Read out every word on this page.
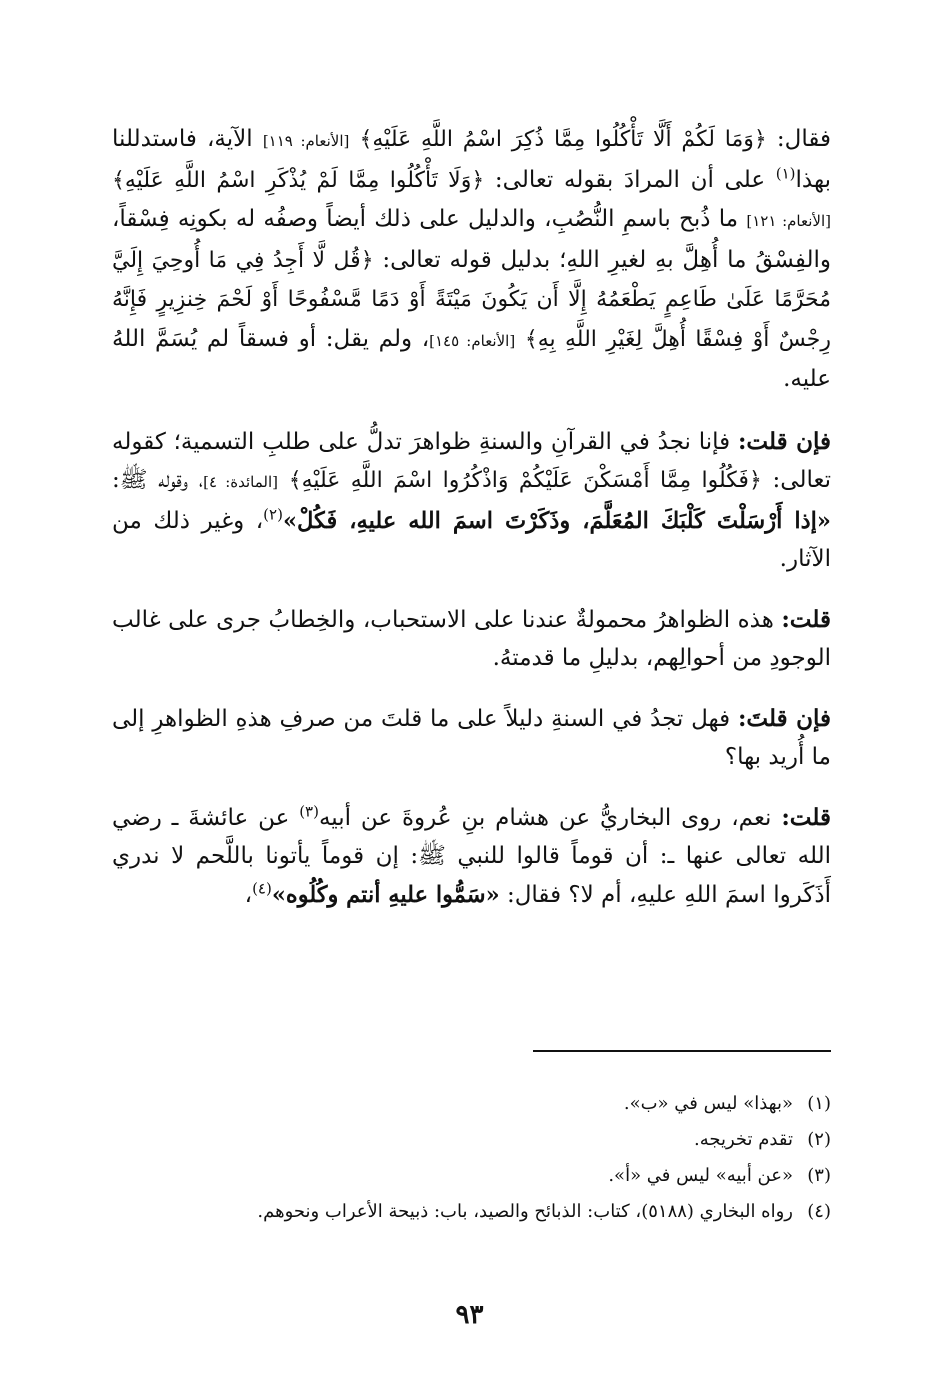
فقال: ﴿وَمَا لَكُمْ أَلَّا تَأْكُلُوا مِمَّا ذُكِرَ اسْمُ اللَّهِ عَلَيْهِ﴾ [الأنعام: ١١٩] الآية، فاستدللنا بهذا$^{(١)}$ على أن المرادَ بقوله تعالى: ﴿وَلَا تَأْكُلُوا مِمَّا لَمْ يُذْكَرِ اسْمُ اللَّهِ عَلَيْهِ﴾ [الأنعام: ١٢١] ما ذُبح باسمِ النُّصُبِ، والدليل على ذلك أيضاً وصفُه له بكونِه فِسْقاً، والفِسْقُ ما أُهِلَّ بهِ لغيرِ اللهِ؛ بدليل قوله تعالى: ﴿قُل لَّا أَجِدُ فِي مَا أُوحِيَ إِلَيَّ مُحَرَّمًا عَلَىٰ طَاعِمٍ يَطْعَمُهُ إِلَّا أَن يَكُونَ مَيْتَةً أَوْ دَمًا مَّسْفُوحًا أَوْ لَحْمَ خِنزِيرٍ فَإِنَّهُ رِجْسٌ أَوْ فِسْقًا أُهِلَّ لِغَيْرِ اللَّهِ بِهِ﴾ [الأنعام: ١٤٥]، ولم يقل: أو فسقاً لم يُسَمَّ اللهُ عليه.

فإن قلت: فإنا نجدُ في القرآنِ والسنةِ ظواهرَ تدلُّ على طلبِ التسمية؛ كقوله تعالى: ﴿فَكُلُوا مِمَّا أَمْسَكْنَ عَلَيْكُمْ وَاذْكُرُوا اسْمَ اللَّهِ عَلَيْهِ﴾ [المائدة: ٤]، وقوله ﷺ: «إذا أَرْسَلْتَ كَلْبَكَ المُعَلَّمَ، وذَكَرْتَ اسمَ الله عليهِ، فَكُلْ»$^{(٢)}$، وغير ذلك من الآثار.

قلت: هذه الظواهرُ محمولةٌ عندنا على الاستحباب، والخِطابُ جرى على غالب الوجودِ من أحوالِهم، بدليلِ ما قدمتهُ.

فإن قلتَ: فهل تجدُ في السنةِ دليلاً على ما قلتَ من صرفِ هذهِ الظواهرِ إلى ما أُريد بها؟

قلت: نعم، روى البخاريُّ عن هشام بنِ عُروةَ عن أبيه$^{(٣)}$ عن عائشةَ ـ رضي الله تعالى عنها ـ: أن قوماً قالوا للنبي ﷺ: إن قوماً يأتونا باللَّحم لا ندري أَذَكَروا اسمَ اللهِ عليهِ، أم لا؟ فقال: «سَمُّوا عليهِ أنتم وكُلُوه»$^{(٤)}$،

(١)
«بهذا» ليس في «ب».
(٢)
تقدم تخريجه.
(٣)
«عن أبيه» ليس في «أ».
(٤)
رواه البخاري (٥١٨٨)، كتاب: الذبائح والصيد، باب: ذبيحة الأعراب ونحوهم.
٩٣
